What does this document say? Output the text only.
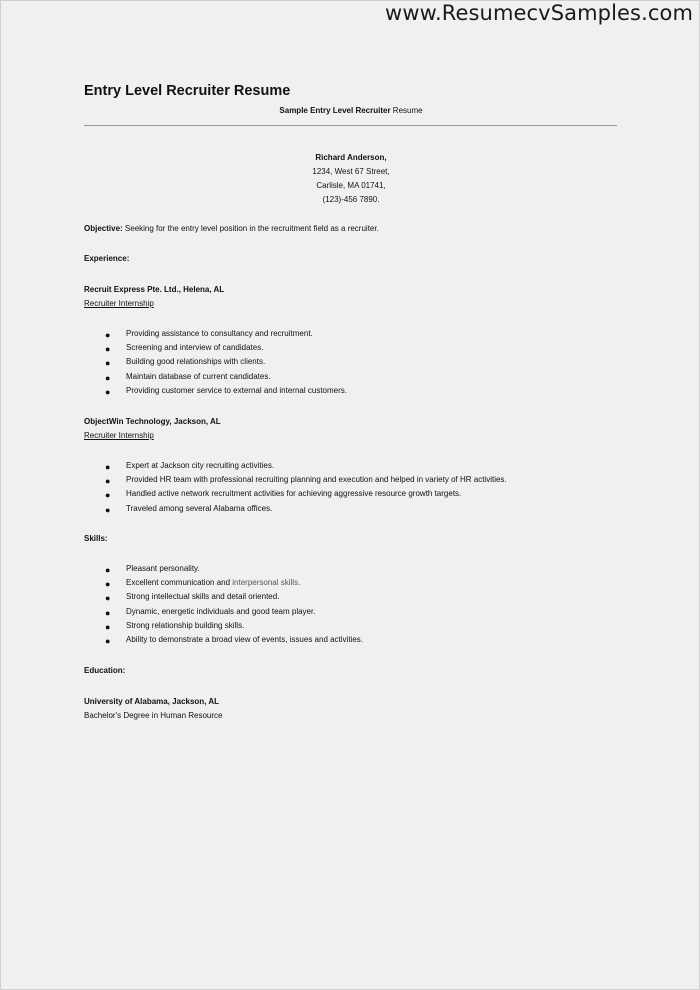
www.ResumecvSamples.com
Entry Level Recruiter Resume
Sample Entry Level Recruiter Resume
Richard Anderson,
1234, West 67 Street,
Carlisle, MA 01741,
(123)-456 7890.
Objective: Seeking for the entry level position in the recruitment field as a recruiter.
Experience:
Recruit Express Pte. Ltd., Helena, AL
Recruiter Internship
● Providing assistance to consultancy and recruitment.
● Screening and interview of candidates.
● Building good relationships with clients.
● Maintain database of current candidates.
● Providing customer service to external and internal customers.
ObjectWin Technology, Jackson, AL
Recruiter Internship
● Expert at Jackson city recruiting activities.
● Provided HR team with professional recruiting planning and execution and helped in variety of HR activities.
● Handled active network recruitment activities for achieving aggressive resource growth targets.
● Traveled among several Alabama offices.
Skills:
● Pleasant personality.
● Excellent communication and interpersonal skills.
● Strong intellectual skills and detail oriented.
● Dynamic, energetic individuals and good team player.
● Strong relationship building skills.
● Ability to demonstrate a broad view of events, issues and activities.
Education:
University of Alabama, Jackson, AL
Bachelor's Degree in Human Resource
